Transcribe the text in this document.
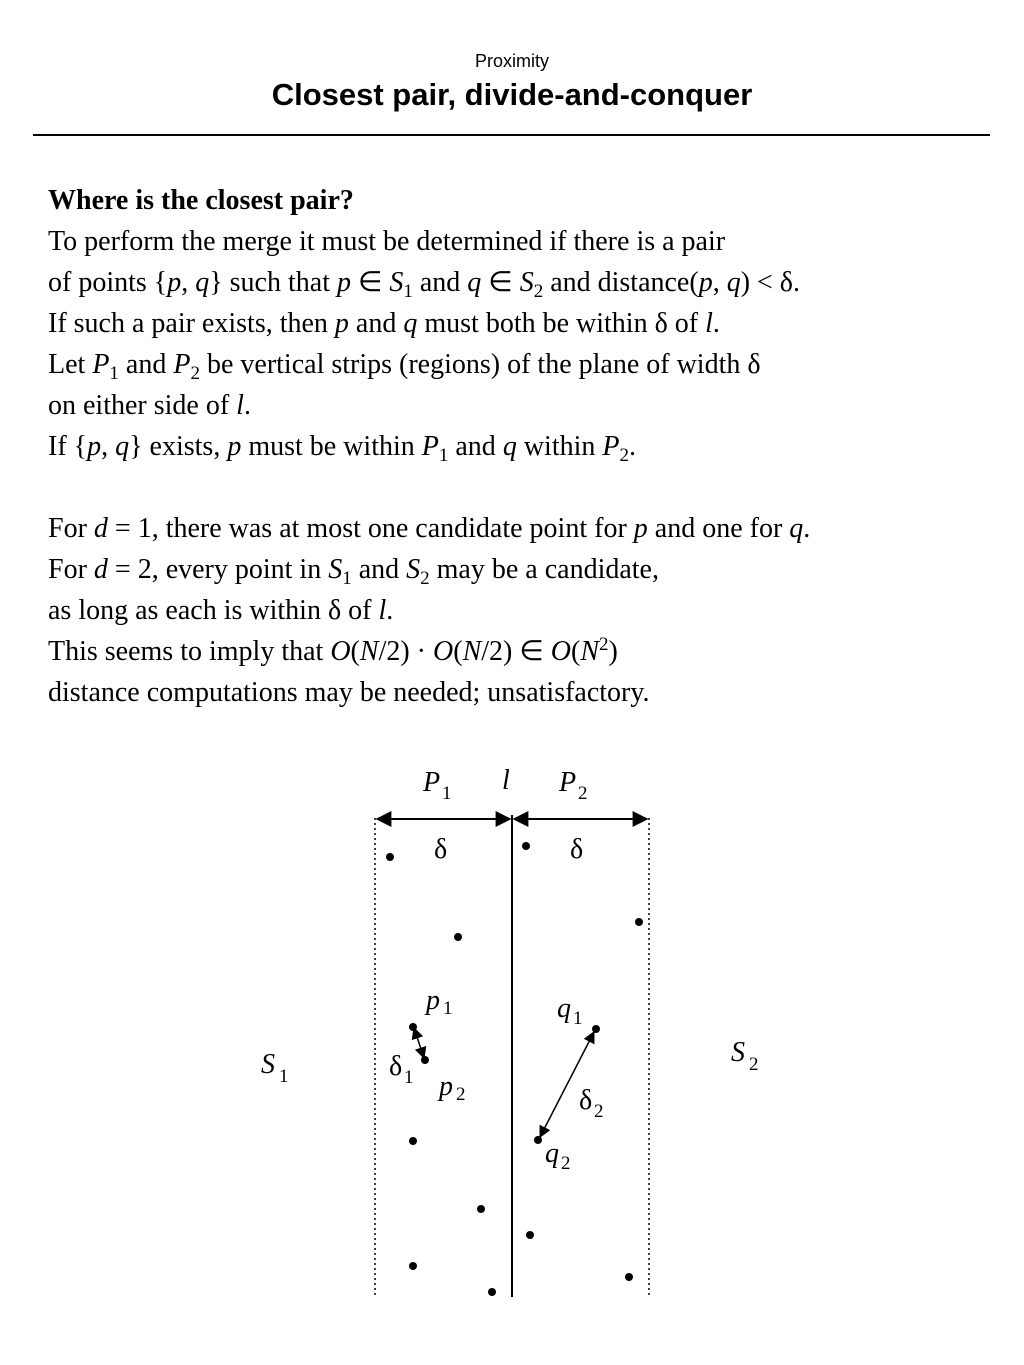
Proximity
Closest pair, divide-and-conquer
Where is the closest pair?
To perform the merge it must be determined if there is a pair
of points {p, q} such that p ∈ $S_1$ and q ∈ $S_2$ and distance(p, q) < δ.
If such a pair exists, then p and q must both be within δ of l.
Let $P_1$ and $P_2$ be vertical strips (regions) of the plane of width δ
on either side of l.
If {p, q} exists, p must be within $P_1$ and q within $P_2$.
For d = 1, there was at most one candidate point for p and one for q.
For d = 2, every point in $S_1$ and $S_2$ may be a candidate,
as long as each is within δ of l.
This seems to imply that O(N/2) · O(N/2) ∈ $O(N^2)$
distance computations may be needed; unsatisfactory.
P 1 l P 2
δ	δ
S 1
S 2
p 1
p 2
q 1
q 2
δ 1
δ 2
